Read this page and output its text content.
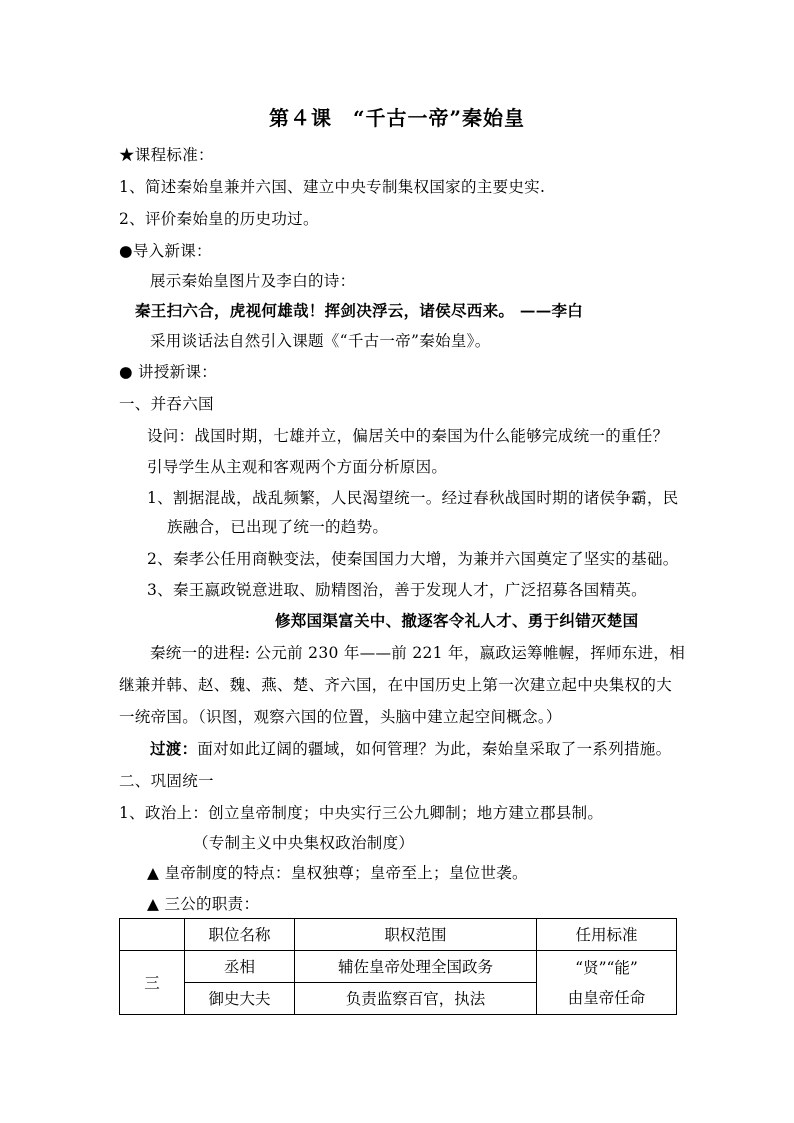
第４课　“千古一帝”秦始皇
★课程标准：
1、简述秦始皇兼并六国、建立中央专制集权国家的主要史实.
2、评价秦始皇的历史功过。
●导入新课：
展示秦始皇图片及李白的诗：
秦王扫六合，虎视何雄哉！挥剑决浮云，诸侯尽西来。 ——李白
采用谈话法自然引入课题《“千古一帝”秦始皇》。
● 讲授新课：
一、并吞六国
设问：战国时期，七雄并立，偏居关中的秦国为什么能够完成统一的重任？
引导学生从主观和客观两个方面分析原因。
1、割据混战，战乱频繁，人民渴望统一。经过春秋战国时期的诸侯争霸，民
族融合，已出现了统一的趋势。
2、秦孝公任用商鞅变法，使秦国国力大增，为兼并六国奠定了坚实的基础。
3、秦王嬴政锐意进取、励精图治，善于发现人才，广泛招募各国精英。
修郑国渠富关中、撤逐客令礼人才、勇于纠错灭楚国
秦统一的进程: 公元前 230 年——前 221 年，嬴政运筹帷幄，挥师东进，相
继兼并韩、赵、魏、燕、楚、齐六国，在中国历史上第一次建立起中央集权的大
一统帝国。（识图，观察六国的位置，头脑中建立起空间概念。）
过渡：面对如此辽阔的疆域，如何管理？为此，秦始皇采取了一系列措施。
二、巩固统一
1、政治上：创立皇帝制度；中央实行三公九卿制；地方建立郡县制。
（专制主义中央集权政治制度）
▲ 皇帝制度的特点：皇权独尊；皇帝至上；皇位世袭。
▲ 三公的职责：
	职位名称	职权范围	任用标准
三	丞相	辅佐皇帝处理全国政务	“贤”“能”
由皇帝任命

	御史大夫	负责监察百官，执法	
